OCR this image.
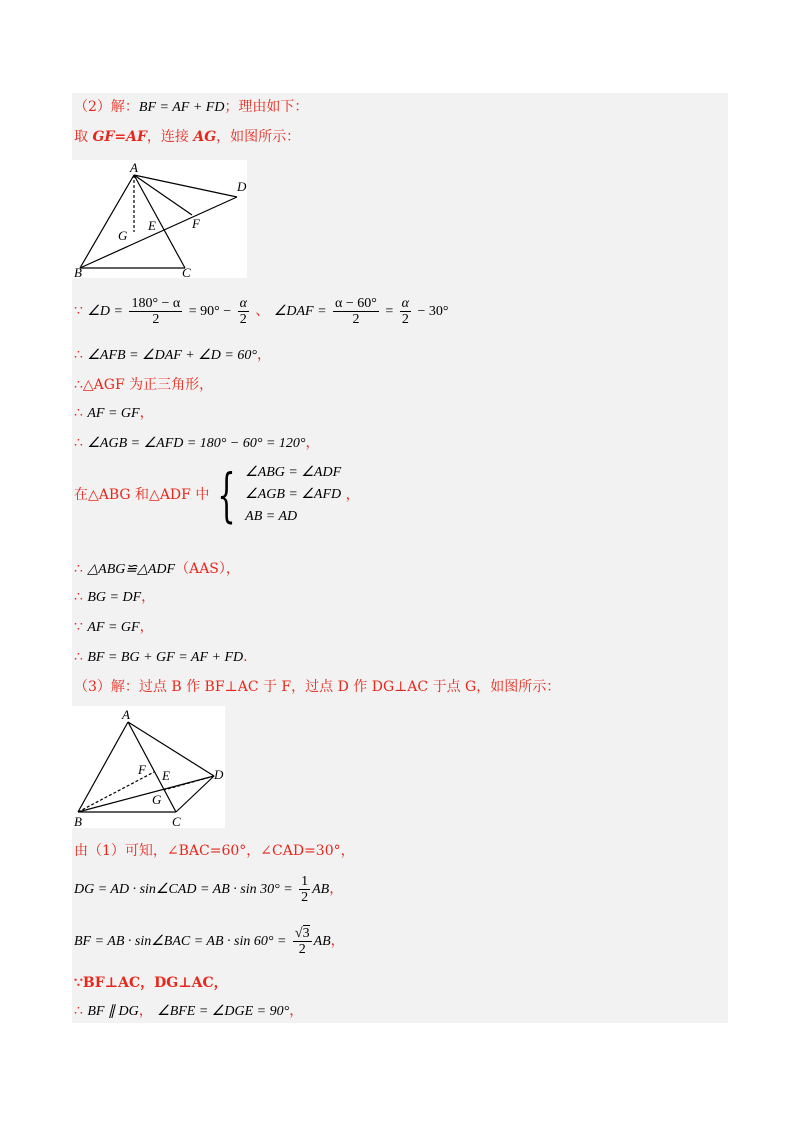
（2）解：BF = AF + FD；理由如下：
取 GF=AF，连接 AG，如图所示：
A
D
G
E	F
B	C
∵ ∠D = $\frac{180^\circ - \alpha}{2} = 90^\circ - \frac{\alpha}{2}$ 、 ∠DAF = $\frac{\alpha - 60^\circ}{2} = \frac{\alpha}{2} - 30^\circ$
∴ ∠AFB = ∠DAF + ∠D = 60°，
∴△AGF 为正三角形，
∴ AF = GF，
∴ ∠AGB = ∠AFD = 180° − 60° = 120°，
在△ABG 和△ADF 中 { ∠ABG = ∠ADF
∠AGB = ∠AFD
AB = AD
，
∴ △ABG≌△ADF（AAS），
∴ BG = DF，
∵ AF = GF，
∴ BF = BG + GF = AF + FD.
（3）解：过点 B 作 BF⊥AC 于 F，过点 D 作 DG⊥AC 于点 G，如图所示：
A
F E	D
G
B	C
由（1）可知，∠BAC=60°，∠CAD=30°，
DG = AD · sin∠CAD = AB · $\sin 30^\circ = \frac{1}{2}$ AB，
BF = AB · sin∠BAC = AB · $\sin 60^\circ = \frac{√3}{2}$ AB，
∵BF⊥AC，DG⊥AC，
∴ BF ∥ DG， ∠BFE = ∠DGE = 90°，
